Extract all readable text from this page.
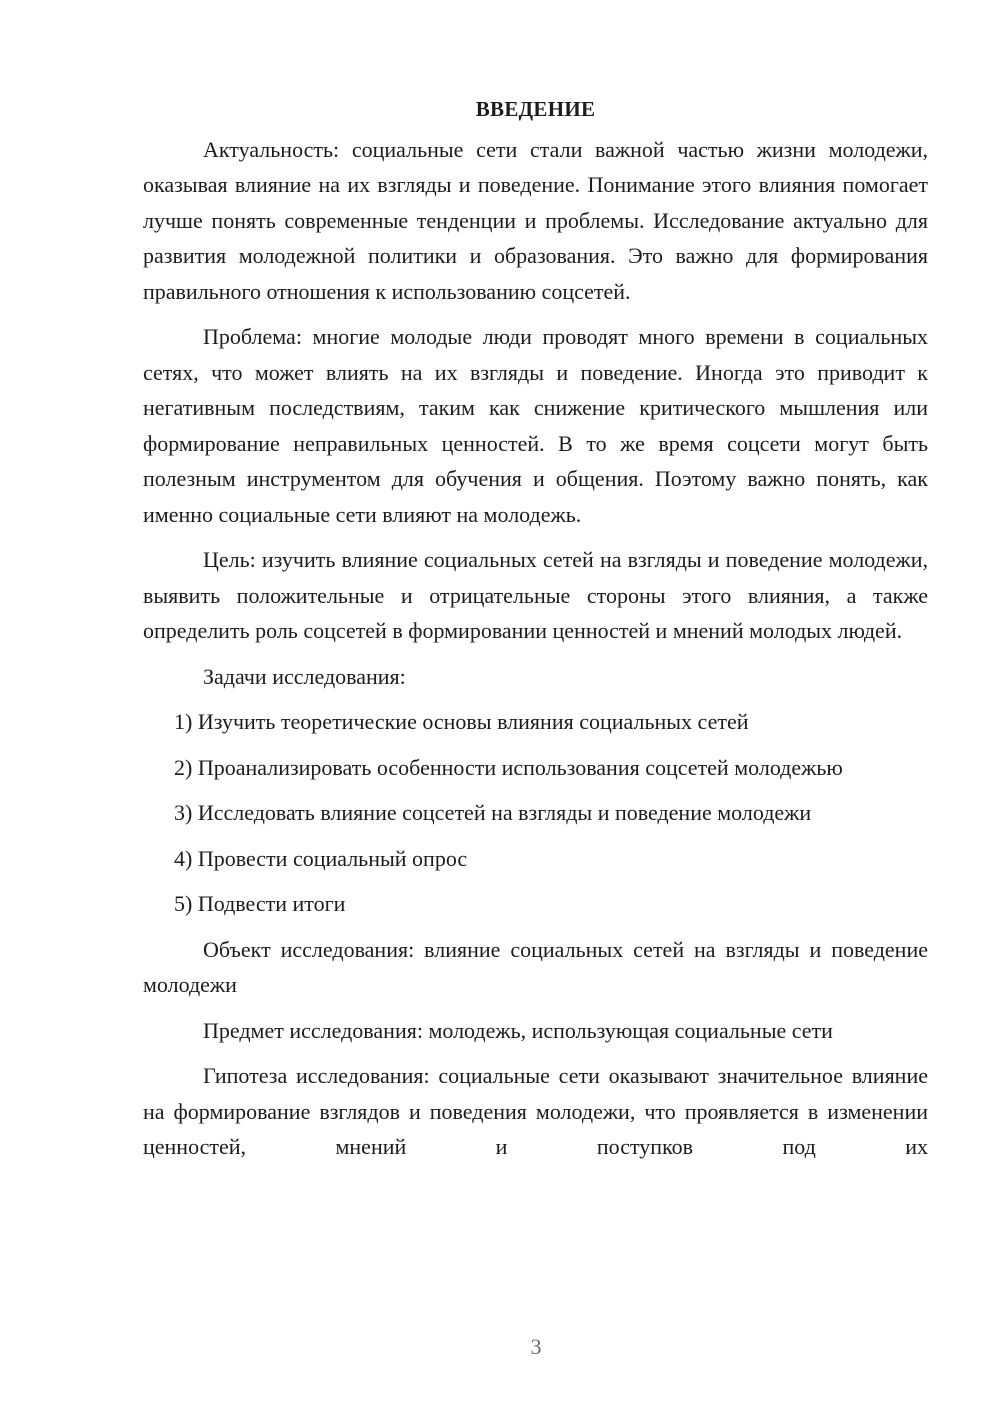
ВВЕДЕНИЕ

Актуальность: социальные сети стали важной частью жизни молодежи, оказывая влияние на их взгляды и поведение. Понимание этого влияния помогает лучше понять современные тенденции и проблемы. Исследование актуально для развития молодежной политики и образования. Это важно для формирования правильного отношения к использованию соцсетей.

Проблема: многие молодые люди проводят много времени в социальных сетях, что может влиять на их взгляды и поведение. Иногда это приводит к негативным последствиям, таким как снижение критического мышления или формирование неправильных ценностей. В то же время соцсети могут быть полезным инструментом для обучения и общения. Поэтому важно понять, как именно социальные сети влияют на молодежь.

Цель: изучить влияние социальных сетей на взгляды и поведение молодежи, выявить положительные и отрицательные стороны этого влияния, а также определить роль соцсетей в формировании ценностей и мнений молодых людей.

Задачи исследования:

1) Изучить теоретические основы влияния социальных сетей

2) Проанализировать особенности использования соцсетей молодежью

3) Исследовать влияние соцсетей на взгляды и поведение молодежи

4) Провести социальный опрос

5) Подвести итоги

Объект исследования: влияние социальных сетей на взгляды и поведение молодежи

Предмет исследования: молодежь, использующая социальные сети

Гипотеза исследования: социальные сети оказывают значительное влияние на формирование взглядов и поведения молодежи, что проявляется в изменении ценностей, мнений и поступков под их

3
